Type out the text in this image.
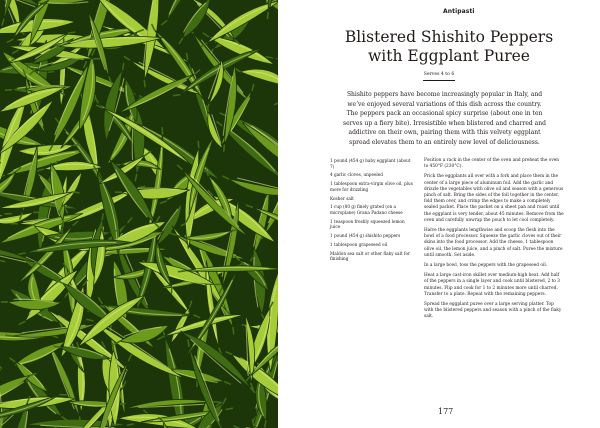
Antipasti
Blistered Shishito Peppers
with Eggplant Puree
Serves 4 to 6

Shishito peppers have become increasingly popular in Italy, and we’ve enjoyed several variations of this dish across the country. The peppers pack an occasional spicy surprise (about one in ten serves up a fiery bite). Irresistible when blistered and charred and addictive on their own, pairing them with this velvety eggplant spread elevates them to an entirely new level of deliciousness.

1 pound (454 g) baby eggplant (about 7)
4 garlic cloves, unpeeled
1 tablespoon extra-virgin olive oil, plus more for drizzling
Kosher salt
1 cup (80 g) finely grated (on a microplane) Grana Padano cheese
1 teaspoon freshly squeezed lemon juice
1 pound (454 g) shishito peppers
1 tablespoon grapeseed oil
Maldon sea salt or other flaky salt for finishing

Position a rack in the center of the oven and preheat the oven to 450°F (230°C).

Prick the eggplants all over with a fork and place them in the center of a large piece of aluminum foil. Add the garlic and drizzle the vegetables with olive oil and season with a generous pinch of salt. Bring the sides of the foil together in the center, fold them over, and crimp the edges to make a completely sealed packet. Place the packet on a sheet pan and roast until the eggplant is very tender, about 45 minutes. Remove from the oven and carefully unwrap the pouch to let cool completely.

Halve the eggplants lengthwise and scoop the flesh into the bowl of a food processor. Squeeze the garlic cloves out of their skins into the food processor. Add the cheese, 1 tablespoon olive oil, the lemon juice, and a pinch of salt. Puree the mixture until smooth. Set aside.

In a large bowl, toss the peppers with the grapeseed oil.

Heat a large cast-iron skillet over medium-high heat. Add half of the peppers in a single layer and cook until blistered, 2 to 3 minutes. Flip and cook for 1 to 2 minutes more until charred. Transfer to a plate. Repeat with the remaining peppers.

Spread the eggplant puree over a large serving platter. Top with the blistered peppers and season with a pinch of the flaky salt.

177
